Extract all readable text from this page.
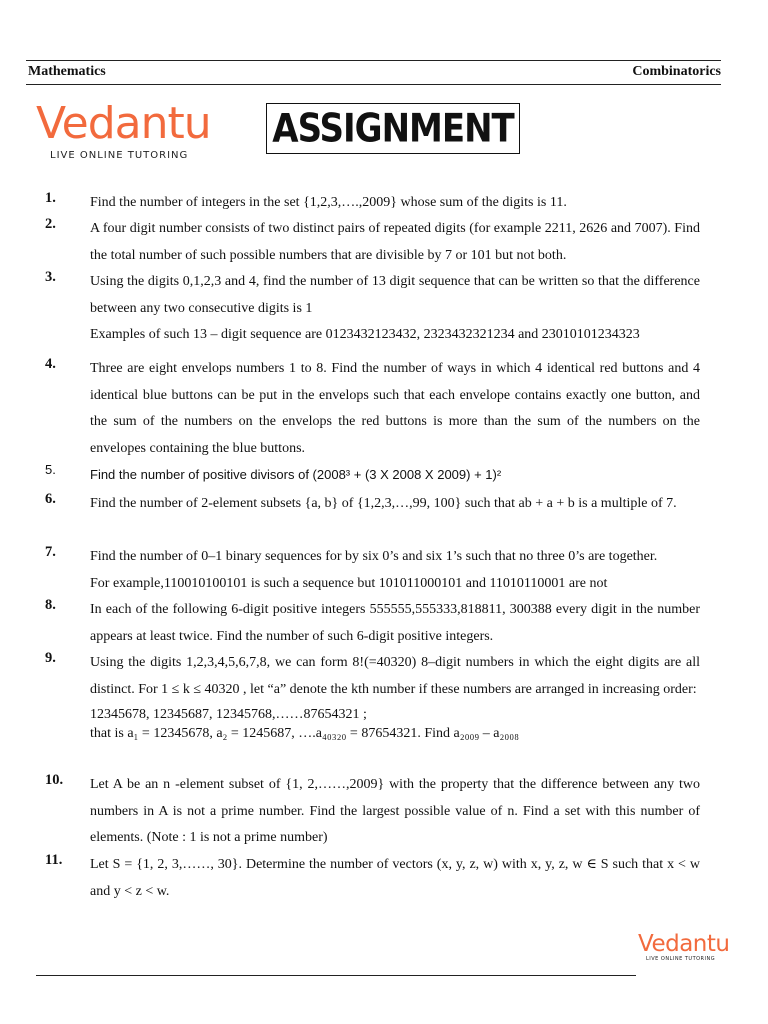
Mathematics	Combinatorics
Vedantu
LIVE ONLINE TUTORING
ASSIGNMENT
1. Find the number of integers in the set {1,2,3,….,2009} whose sum of the digits is 11.

2. A four digit number consists of two distinct pairs of repeated digits (for example 2211, 2626 and 7007). Find the total number of such possible numbers that are divisible by 7 or 101 but not both.

3. Using the digits 0,1,2,3 and 4, find the number of 13 digit sequence that can be written so that the difference between any two consecutive digits is 1

Examples of such 13 – digit sequence are 0123432123432, 2323432321234 and 23010101234323

4. Three are eight envelops numbers 1 to 8. Find the number of ways in which 4 identical red buttons and 4 identical blue buttons can be put in the envelops such that each envelope contains exactly one button, and the sum of the numbers on the envelops the red buttons is more than the sum of the numbers on the envelopes containing the blue buttons.

5.	Find the number of positive divisors of (2008³ + (3 X 2008 X 2009) + 1)²

6. Find the number of 2-element subsets {a, b} of {1,2,3,…,99, 100} such that ab + a + b is a multiple of 7.

7. Find the number of 0–1 binary sequences for by six 0’s and six 1’s such that no three 0’s are together.

For example,110010100101 is such a sequence but 101011000101 and 11010110001 are not

8. In each of the following 6-digit positive integers 555555,555333,818811, 300388 every digit in the number appears at least twice. Find the number of such 6-digit positive integers.

9. Using the digits 1,2,3,4,5,6,7,8, we can form 8!(=40320) 8–digit numbers in which the eight digits are all distinct. For 1 ≤ k ≤ 40320 , let “a” denote the kth number if these numbers are arranged in increasing order:

12345678, 12345687, 12345768,……87654321 ;

that is a₁ = 12345678, a₂ = 1245687, ….a₄₀₃₂₀ = 87654321. Find a₂₀₀₉ – a₂₀₀₈

10. Let A be an n -element subset of {1, 2,……,2009} with the property that the difference between any two numbers in A is not a prime number. Find the largest possible value of n. Find a set with this number of elements. (Note : 1 is not a prime number)

11. Let S = {1, 2, 3,……, 30}. Determine the number of vectors (x, y, z, w) with x, y, z, w ∈ S such that x < w and y < z < w.

Vedantu
LIVE ONLINE TUTORING
